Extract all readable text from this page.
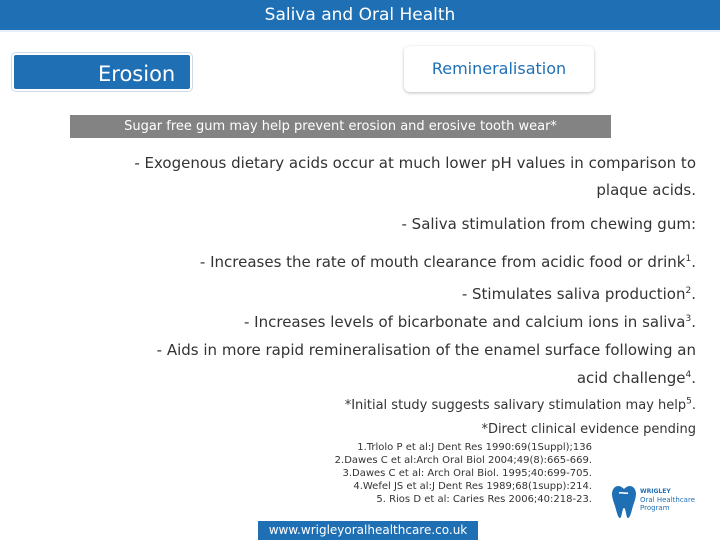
Saliva and Oral Health
Erosion	Remineralisation
Sugar free gum may help prevent erosion and erosive tooth wear*

- Exogenous dietary acids occur at much lower pH values in comparison to

plaque acids.

- Saliva stimulation from chewing gum:

- Increases the rate of mouth clearance from acidic food or drink$^1$.

- Stimulates saliva production$^2$.

- Increases levels of bicarbonate and calcium ions in saliva$^3$.

- Aids in more rapid remineralisation of the enamel surface following an

acid challenge$^4$.

*Initial study suggests salivary stimulation may help$^5$.

*Direct clinical evidence pending

1.Trlolo P et al:J Dent Res 1990:69(1Suppl);136
2.Dawes C et al:Arch Oral Biol 2004;49(8):665-669.
3.Dawes C et al: Arch Oral Biol. 1995;40:699-705.
4.Wefel JS et al:J Dent Res 1989;68(1supp):214.
5. Rios D et al: Caries Res 2006;40:218-23.
WRIGLEY
Oral Healthcare
Program
www.wrigleyoralhealthcare.co.uk
